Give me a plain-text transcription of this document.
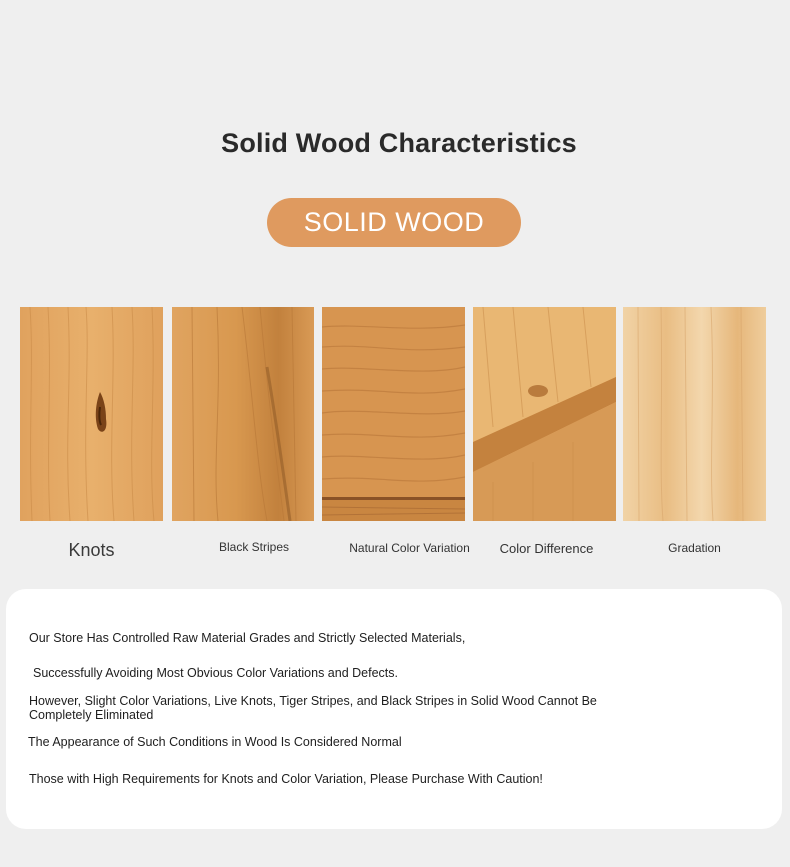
Solid Wood Characteristics
SOLID WOOD
Knots	Black Stripes	Natural Color Variation	Color Difference	Gradation
Our Store Has Controlled Raw Material Grades and Strictly Selected Materials,
Successfully Avoiding Most Obvious Color Variations and Defects.
However, Slight Color Variations, Live Knots, Tiger Stripes, and Black Stripes in Solid Wood Cannot Be
Completely Eliminated
The Appearance of Such Conditions in Wood Is Considered Normal
Those with High Requirements for Knots and Color Variation, Please Purchase With Caution!
